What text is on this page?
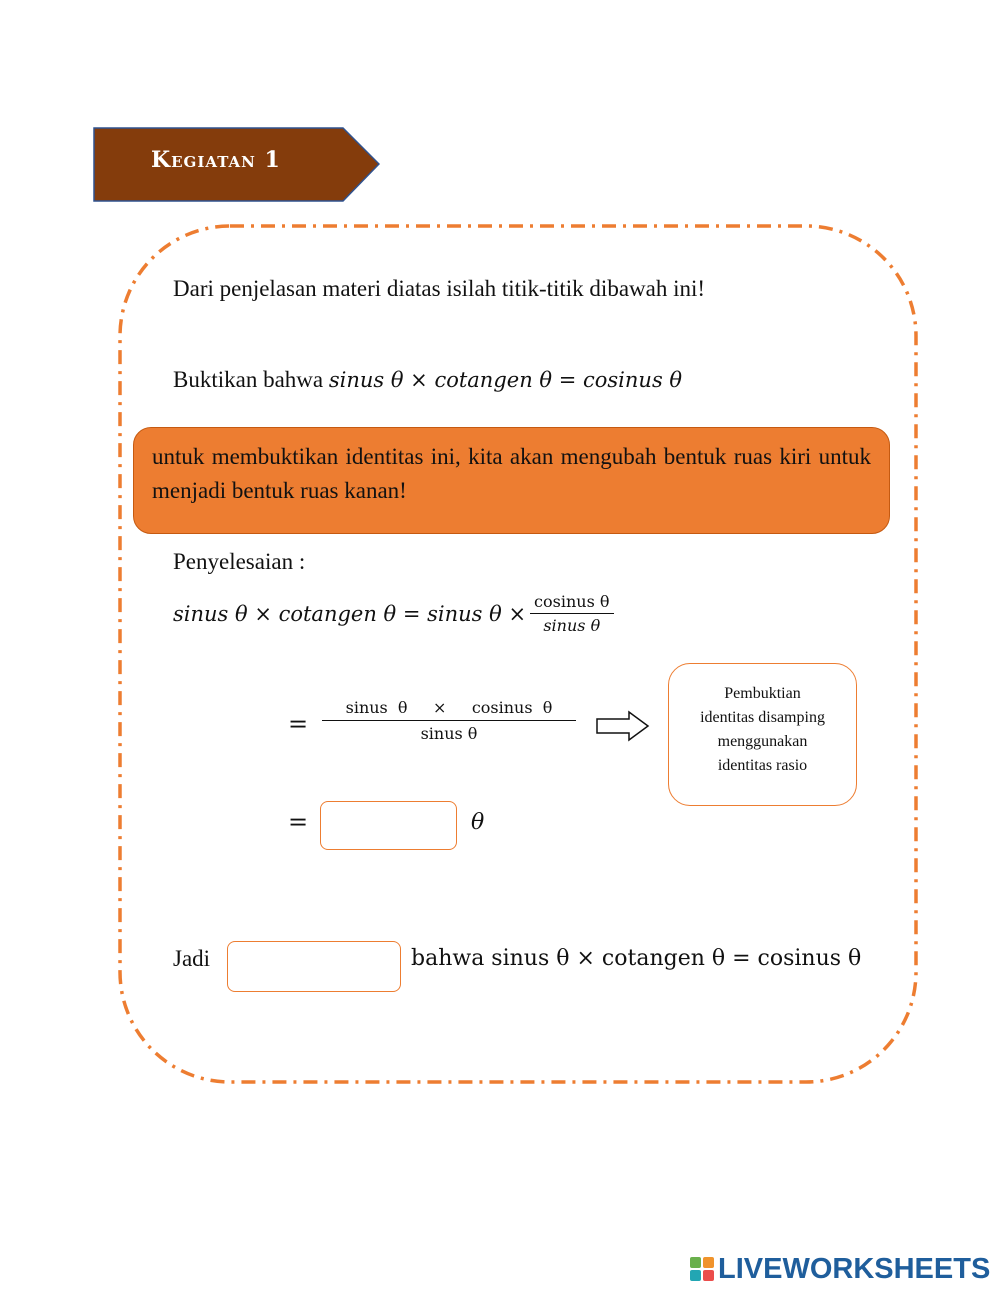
Kegiatan 1
Dari penjelasan materi diatas isilah titik-titik dibawah ini!
Buktikan bahwa sinus θ × cotangen θ = cosinus θ
untuk membuktikan identitas ini, kita akan mengubah bentuk ruas kiri untuk menjadi bentuk ruas kanan!
Penyelesaian :
sinus θ × cotangen θ = sinus $\theta \times \frac{\text{cosinus θ}}{\text{sinus θ}}$
=
sinus  θ     ×     cosinus  θ
sinus θ
Pembuktian
identitas disamping
menggunakan
identitas rasio
=	θ
Jadi	bahwa sinus θ × cotangen θ = cosinus θ
LIVEWORKSHEETS
